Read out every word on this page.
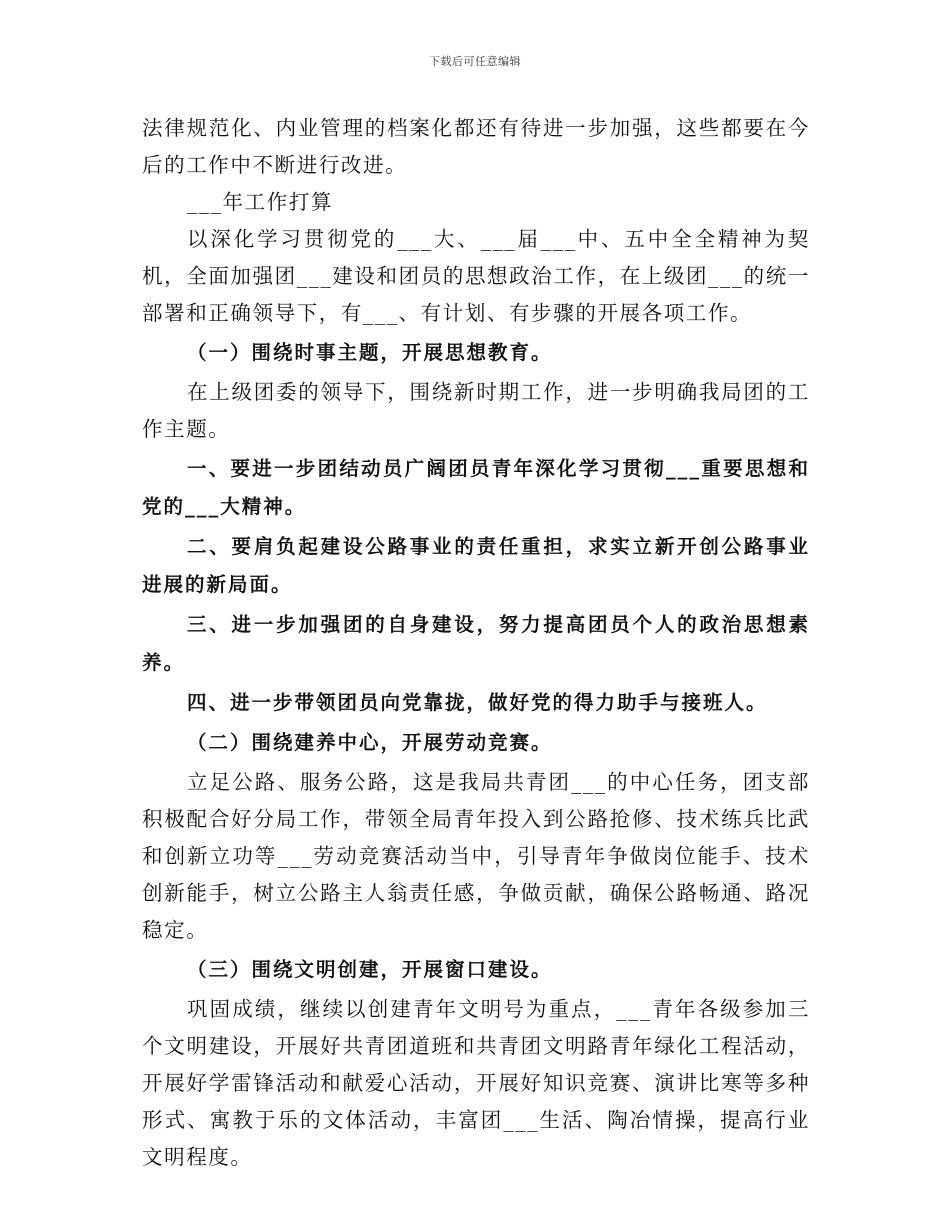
下载后可任意编辑

法律规范化、内业管理的档案化都还有待进一步加强，这些都要在今后的工作中不断进行改进。

___年工作打算

以深化学习贯彻党的___大、___届___中、五中全全精神为契机，全面加强团___建设和团员的思想政治工作，在上级团___的统一部署和正确领导下，有___、有计划、有步骤的开展各项工作。

（一）围绕时事主题，开展思想教育。

在上级团委的领导下，围绕新时期工作，进一步明确我局团的工作主题。

一、要进一步团结动员广阔团员青年深化学习贯彻___重要思想和党的___大精神。

二、要肩负起建设公路事业的责任重担，求实立新开创公路事业进展的新局面。

三、进一步加强团的自身建设，努力提高团员个人的政治思想素养。

四、进一步带领团员向党靠拢，做好党的得力助手与接班人。

（二）围绕建养中心，开展劳动竞赛。

立足公路、服务公路，这是我局共青团___的中心任务，团支部积极配合好分局工作，带领全局青年投入到公路抢修、技术练兵比武和创新立功等___劳动竞赛活动当中，引导青年争做岗位能手、技术创新能手，树立公路主人翁责任感，争做贡献，确保公路畅通、路况稳定。

（三）围绕文明创建，开展窗口建设。

巩固成绩，继续以创建青年文明号为重点，___青年各级参加三个文明建设，开展好共青团道班和共青团文明路青年绿化工程活动，开展好学雷锋活动和献爱心活动，开展好知识竞赛、演讲比寒等多种形式、寓教于乐的文体活动，丰富团___生活、陶冶情操，提高行业文明程度。
